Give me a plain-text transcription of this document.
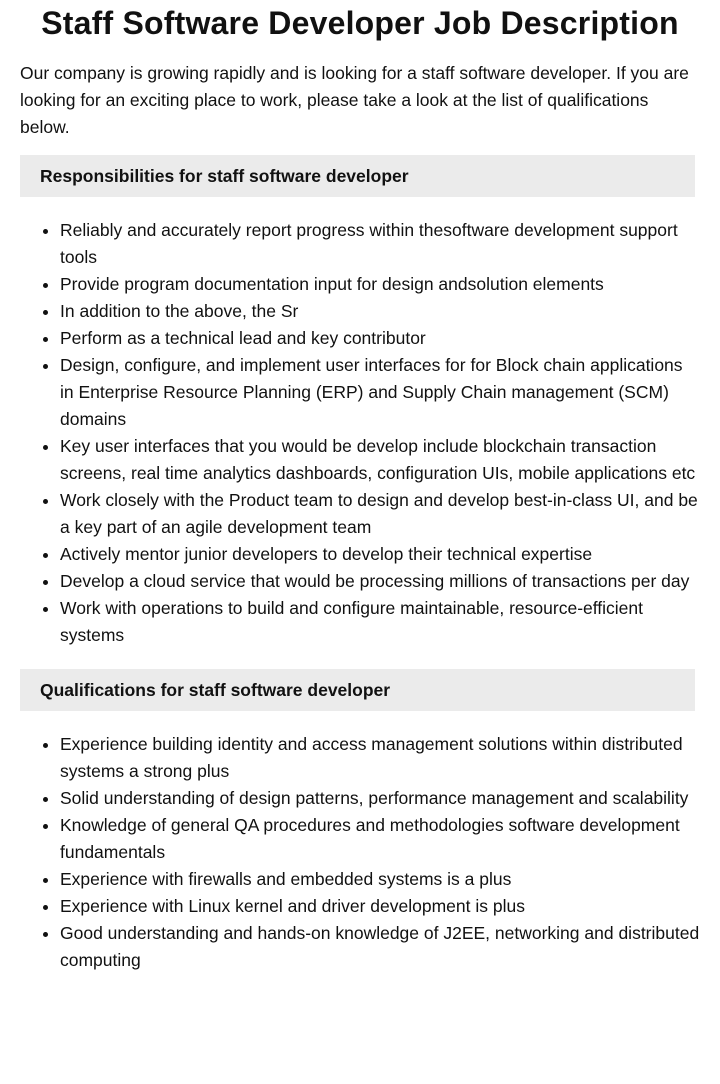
Staff Software Developer Job Description

Our company is growing rapidly and is looking for a staff software developer. If you are looking for an exciting place to work, please take a look at the list of qualifications below.

Responsibilities for staff software developer
• Reliably and accurately report progress within thesoftware development support tools
• Provide program documentation input for design andsolution elements
• In addition to the above, the Sr
• Perform as a technical lead and key contributor
• Design, configure, and implement user interfaces for for Block chain applications in Enterprise Resource Planning (ERP) and Supply Chain management (SCM) domains
• Key user interfaces that you would be develop include blockchain transaction screens, real time analytics dashboards, configuration UIs, mobile applications etc
• Work closely with the Product team to design and develop best-in-class UI, and be a key part of an agile development team
• Actively mentor junior developers to develop their technical expertise
• Develop a cloud service that would be processing millions of transactions per day
• Work with operations to build and configure maintainable, resource-efficient systems
Qualifications for staff software developer
• Experience building identity and access management solutions within distributed systems a strong plus
• Solid understanding of design patterns, performance management and scalability
• Knowledge of general QA procedures and methodologies software development fundamentals
• Experience with firewalls and embedded systems is a plus
• Experience with Linux kernel and driver development is plus
• Good understanding and hands-on knowledge of J2EE, networking and distributed computing
